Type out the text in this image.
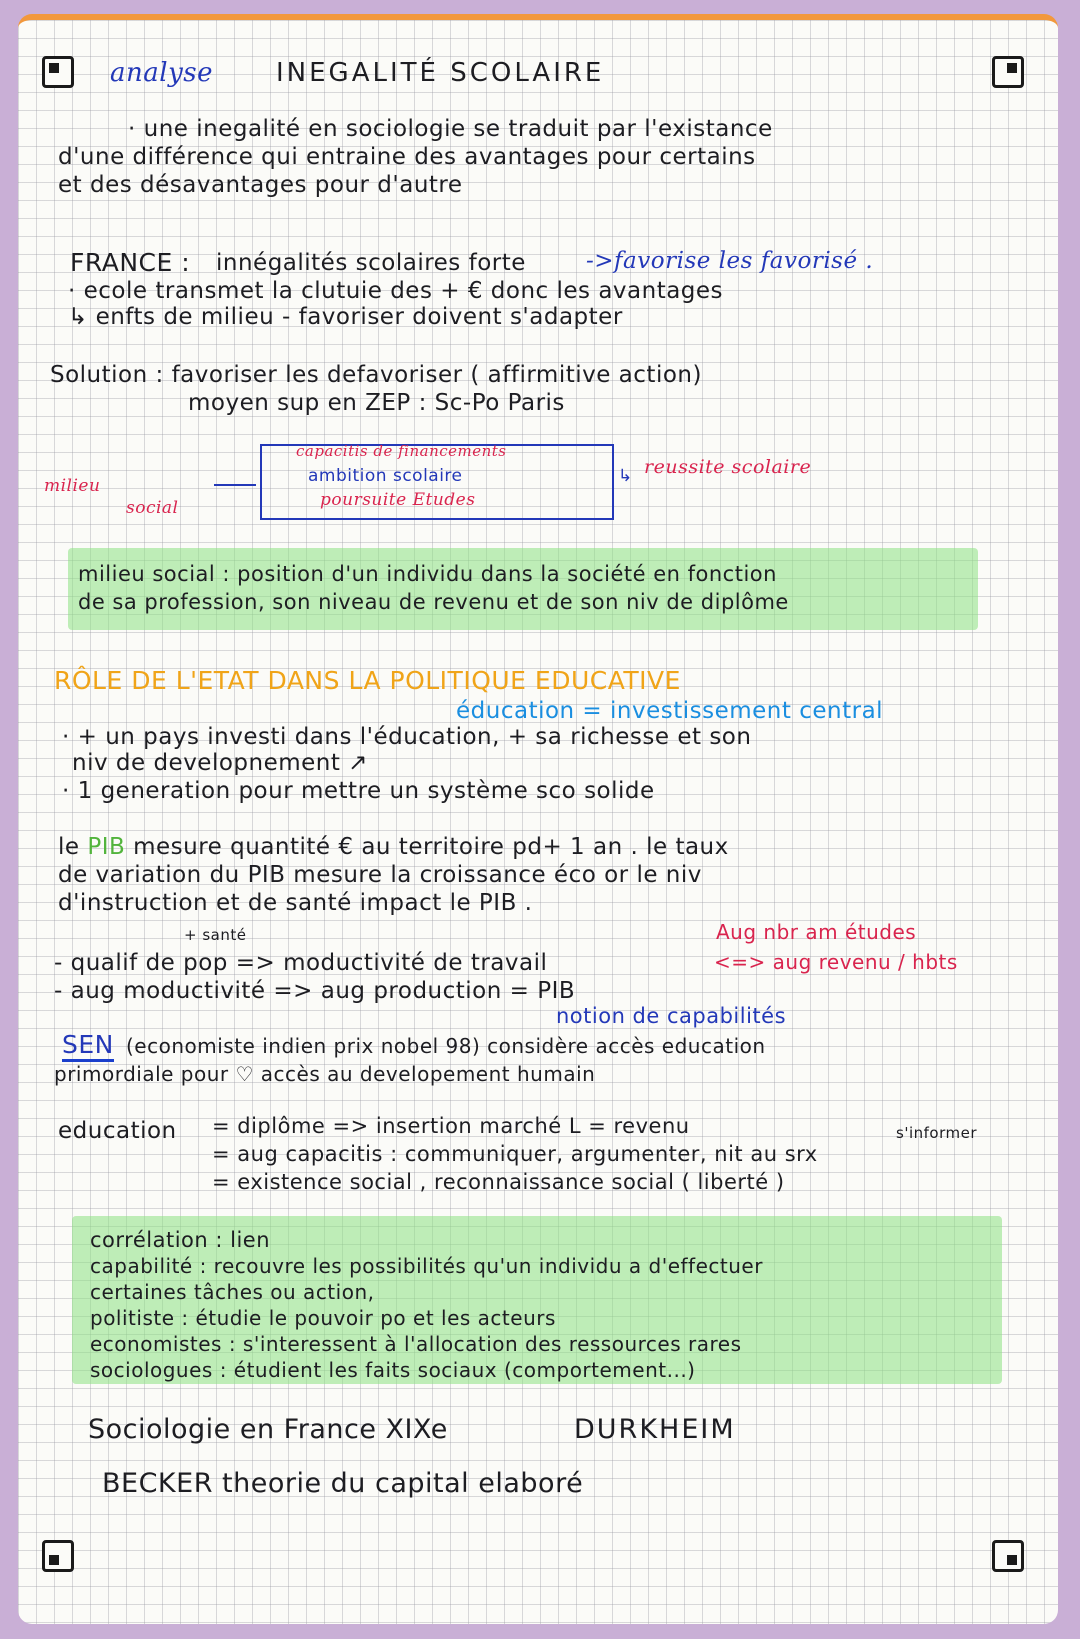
analyse INEGALITÉ SCOLAIRE
· une inegalité en sociologie se traduit par l'existance
d'une différence qui entraine des avantages pour certains
et des désavantages pour d'autre
FRANCE : innégalités scolaires forte	->favorise les favorisé .
· ecole transmet la clutuie des + € donc les avantages
↳ enfts de milieu - favoriser doivent s'adapter
Solution : favoriser les defavoriser ( affirmitive action)
moyen sup en ZEP : Sc-Po Paris
milieu
social
capacitis de financements
ambition scolaire
poursuite Etudes
↳ reussite scolaire
milieu social : position d'un individu dans la société en fonction
de sa profession, son niveau de revenu et de son niv de diplôme
RÔLE DE L'ETAT DANS LA POLITIQUE EDUCATIVE
éducation = investissement central
· + un pays investi dans l'éducation, + sa richesse et son
niv de developnement ↗
· 1 generation pour mettre un système sco solide
le PIB mesure quantité € au territoire pd+ 1 an . le taux
de variation du PIB mesure la croissance éco or le niv
d'instruction et de santé impact le PIB .
+ santé	Aug nbr am études
- qualif de pop => moductivité de travail	<=> aug revenu / hbts
- aug moductivité => aug production = PIB
notion de capabilités
SEN (economiste indien prix nobel 98) considère accès education
primordiale pour ♡ accès au developement humain
education = diplôme => insertion marché L = revenu	s'informer
= aug capacitis : communiquer, argumenter, nit au srx
= existence social , reconnaissance social ( liberté )
corrélation : lien
capabilité : recouvre les possibilités qu'un individu a d'effectuer
certaines tâches ou action,
politiste : étudie le pouvoir po et les acteurs
economistes : s'interessent à l'allocation des ressources rares
sociologues : étudient les faits sociaux (comportement...)
Sociologie en France XIXe	DURKHEIM
BECKER theorie du capital elaboré
